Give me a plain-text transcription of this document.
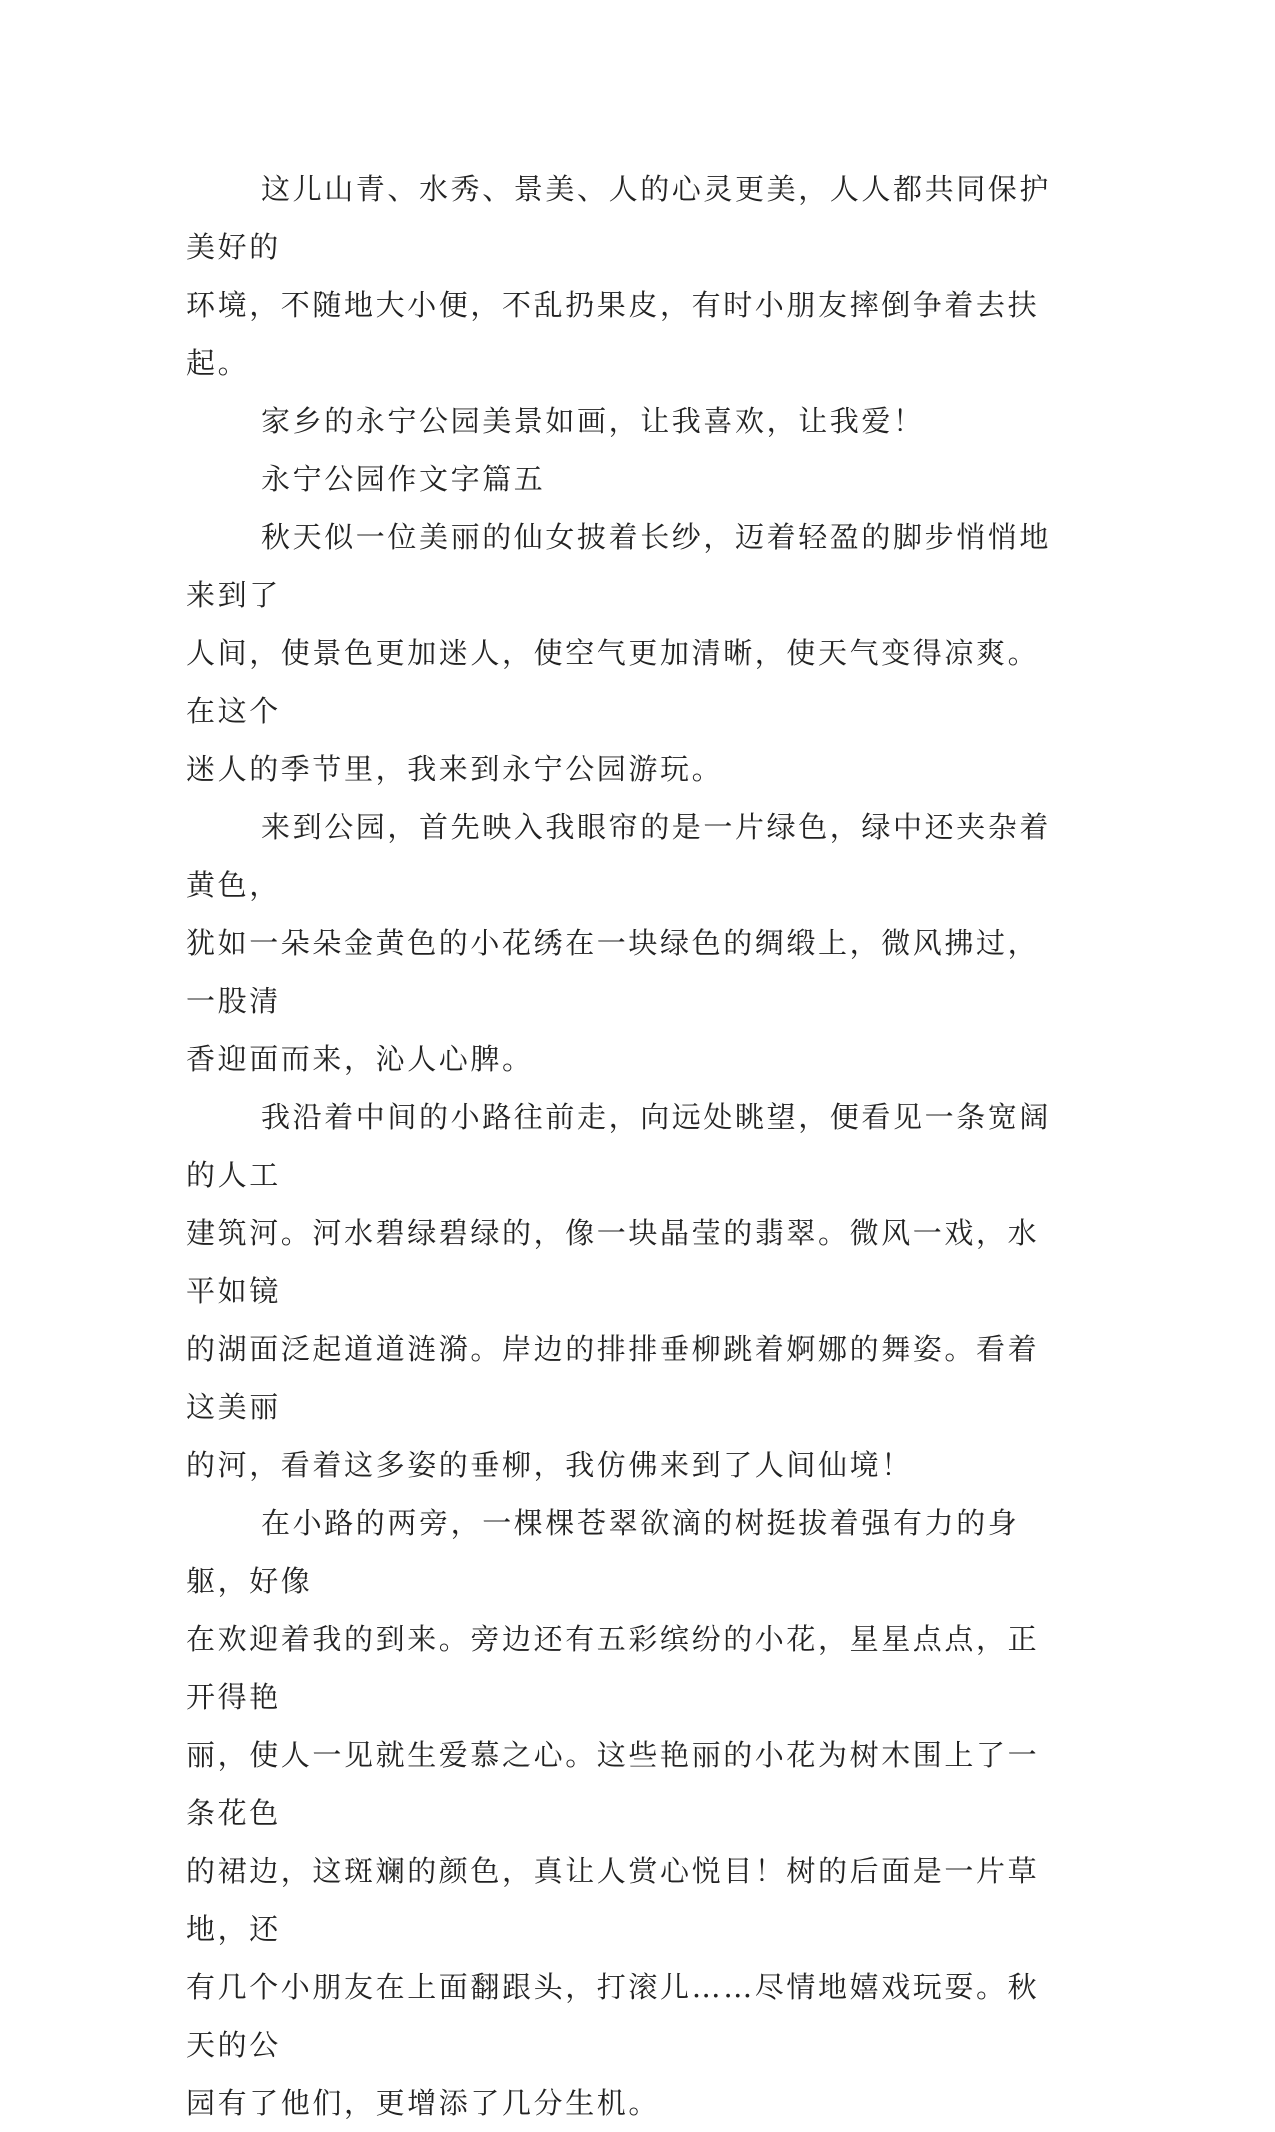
这儿山青、水秀、景美、人的心灵更美，人人都共同保护美好的
环境，不随地大小便，不乱扔果皮，有时小朋友摔倒争着去扶起。

家乡的永宁公园美景如画，让我喜欢，让我爱！

永宁公园作文字篇五

秋天似一位美丽的仙女披着长纱，迈着轻盈的脚步悄悄地来到了
人间，使景色更加迷人，使空气更加清晰，使天气变得凉爽。在这个
迷人的季节里，我来到永宁公园游玩。

来到公园，首先映入我眼帘的是一片绿色，绿中还夹杂着黄色，
犹如一朵朵金黄色的小花绣在一块绿色的绸缎上，微风拂过，一股清
香迎面而来，沁人心脾。

我沿着中间的小路往前走，向远处眺望，便看见一条宽阔的人工
建筑河。河水碧绿碧绿的，像一块晶莹的翡翠。微风一戏，水平如镜
的湖面泛起道道涟漪。岸边的排排垂柳跳着婀娜的舞姿。看着这美丽
的河，看着这多姿的垂柳，我仿佛来到了人间仙境！

在小路的两旁，一棵棵苍翠欲滴的树挺拔着强有力的身躯，好像
在欢迎着我的到来。旁边还有五彩缤纷的小花，星星点点，正开得艳
丽，使人一见就生爱慕之心。这些艳丽的小花为树木围上了一条花色
的裙边，这斑斓的颜色，真让人赏心悦目！树的后面是一片草地，还
有几个小朋友在上面翻跟头，打滚儿……尽情地嬉戏玩耍。秋天的公
园有了他们，更增添了几分生机。
